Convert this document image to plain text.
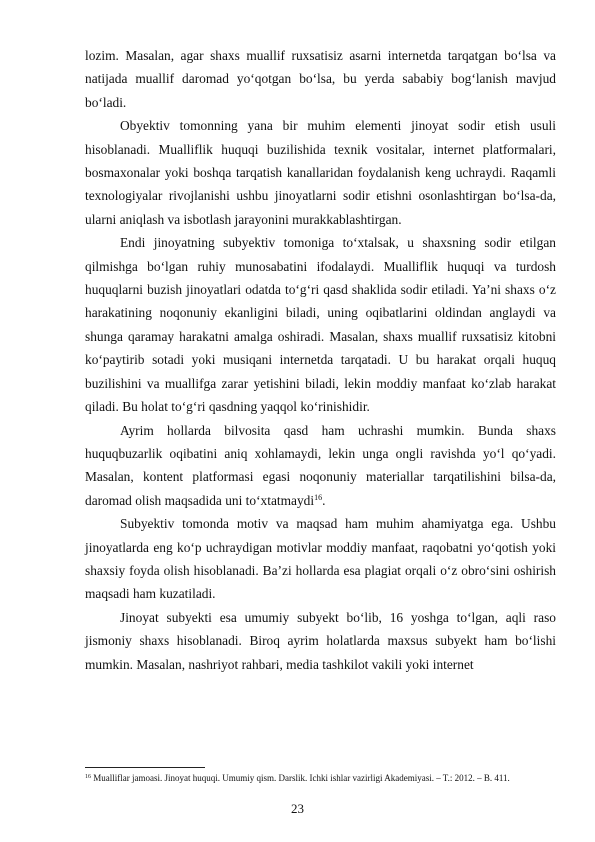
lozim. Masalan, agar shaxs muallif ruxsatisiz asarni internetda tarqatgan bo‘lsa va natijada muallif daromad yo‘qotgan bo‘lsa, bu yerda sababiy bog‘lanish mavjud bo‘ladi.

Obyektiv tomonning yana bir muhim elementi jinoyat sodir etish usuli hisoblanadi. Mualliflik huquqi buzilishida texnik vositalar, internet platformalari, bosmaxonalar yoki boshqa tarqatish kanallaridan foydalanish keng uchraydi. Raqamli texnologiyalar rivojlanishi ushbu jinoyatlarni sodir etishni osonlashtirgan bo‘lsa-da, ularni aniqlash va isbotlash jarayonini murakkablashtirgan.

Endi jinoyatning subyektiv tomoniga to‘xtalsak, u shaxsning sodir etilgan qilmishga bo‘lgan ruhiy munosabatini ifodalaydi. Mualliflik huquqi va turdosh huquqlarni buzish jinoyatlari odatda to‘g‘ri qasd shaklida sodir etiladi. Ya’ni shaxs o‘z harakatining noqonuniy ekanligini biladi, uning oqibatlarini oldindan anglaydi va shunga qaramay harakatni amalga oshiradi. Masalan, shaxs muallif ruxsatisiz kitobni ko‘paytirib sotadi yoki musiqani internetda tarqatadi. U bu harakat orqali huquq buzilishini va muallifga zarar yetishini biladi, lekin moddiy manfaat ko‘zlab harakat qiladi. Bu holat to‘g‘ri qasdning yaqqol ko‘rinishidir.

Ayrim hollarda bilvosita qasd ham uchrashi mumkin. Bunda shaxs huquqbuzarlik oqibatini aniq xohlamaydi, lekin unga ongli ravishda yo‘l qo‘yadi. Masalan, kontent platformasi egasi noqonuniy materiallar tarqatilishini bilsa-da, daromad olish maqsadida uni to‘xtatmaydi$^{16}$.

Subyektiv tomonda motiv va maqsad ham muhim ahamiyatga ega. Ushbu jinoyatlarda eng ko‘p uchraydigan motivlar moddiy manfaat, raqobatni yo‘qotish yoki shaxsiy foyda olish hisoblanadi. Ba’zi hollarda esa plagiat orqali o‘z obro‘sini oshirish maqsadi ham kuzatiladi.

Jinoyat subyekti esa umumiy subyekt bo‘lib, 16 yoshga to‘lgan, aqli raso jismoniy shaxs hisoblanadi. Biroq ayrim holatlarda maxsus subyekt ham bo‘lishi mumkin. Masalan, nashriyot rahbari, media tashkilot vakili yoki internet

$^{16}$ Mualliflar jamoasi. Jinoyat huquqi. Umumiy qism. Darslik. Ichki ishlar vazirligi Akademiyasi. – T.: 2012. – B. 411.
23
